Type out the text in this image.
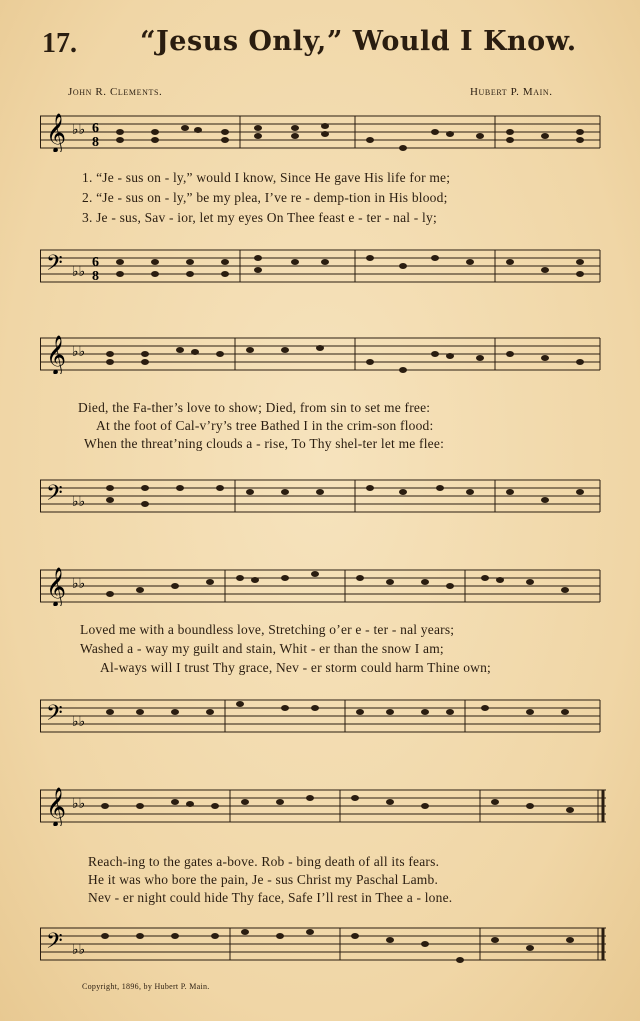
17. “Jesus Only,” Would I Know.
John R. Clements.	Hubert P. Main.
𝄞 ♭♭ 6
8
1. “Je - sus on - ly,” would I know, Since He gave His life for me;
2. “Je - sus on - ly,” be my plea, I’ve re - demp-tion in His blood;
3. Je - sus, Sav - ior, let my eyes On Thee feast e - ter - nal - ly;
𝄢 ♭♭
6
8
𝄞 ♭♭
Died, the Fa-ther’s love to show; Died, from sin to set me free:
At the foot of Cal-v’ry’s tree Bathed I in the crim-son flood:
When the threat’ning clouds a - rise, To Thy shel-ter let me flee:
𝄢 ♭♭
𝄞 ♭♭
Loved me with a boundless love, Stretching o’er e - ter - nal years;
Washed a - way my guilt and stain, Whit - er than the snow I am;
Al-ways will I trust Thy grace, Nev - er storm could harm Thine own;
𝄢 ♭♭
𝄞 ♭♭
Reach-ing to the gates a-bove. Rob - bing death of all its fears.
He it was who bore the pain, Je - sus Christ my Paschal Lamb.
Nev - er night could hide Thy face, Safe I’ll rest in Thee a - lone.
𝄢 ♭♭
Copyright, 1896, by Hubert P. Main.
